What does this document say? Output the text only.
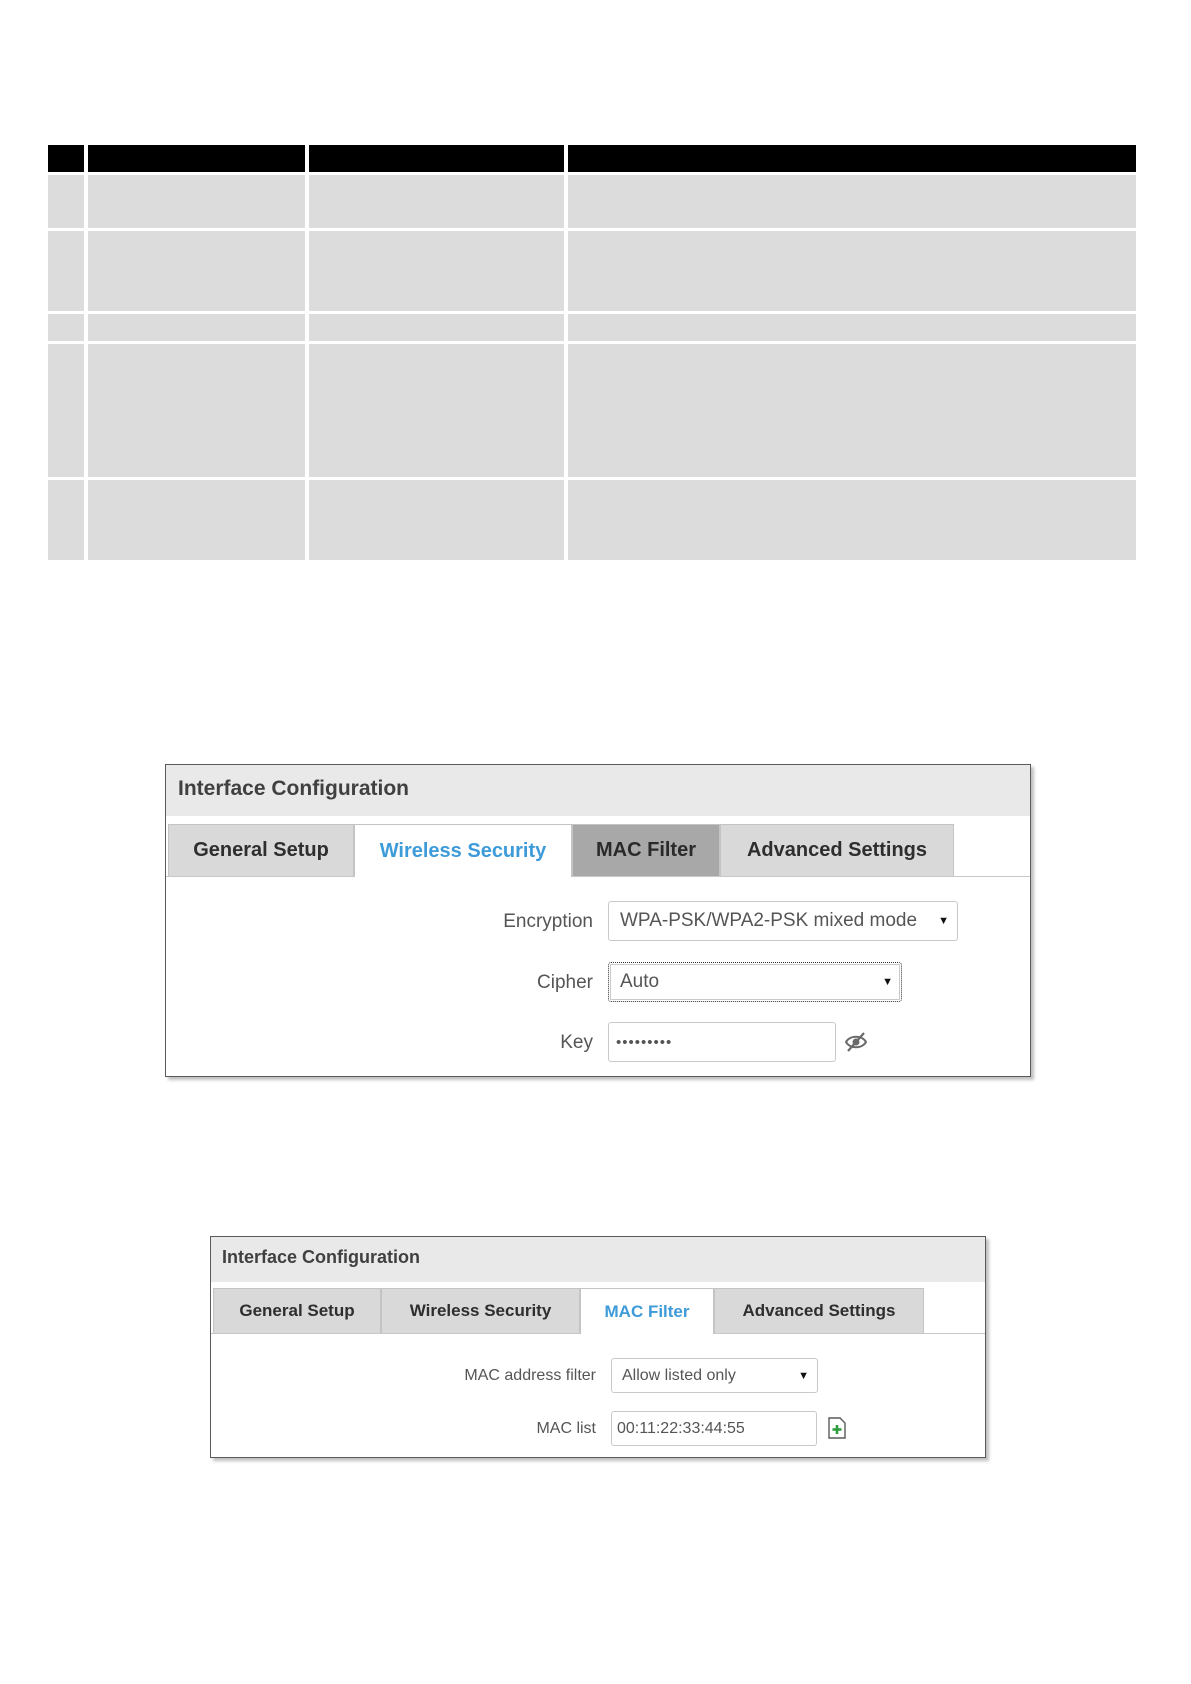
Interface Configuration
General Setup	Wireless Security	MAC Filter	Advanced Settings
Encryption WPA-PSK/WPA2-PSK mixed mode ▼
Cipher Auto	▼
Key	•••••••••
Interface Configuration
General Setup	Wireless Security	MAC Filter	Advanced Settings
MAC address filter Allow listed only	▼
MAC list	00:11:22:33:44:55
